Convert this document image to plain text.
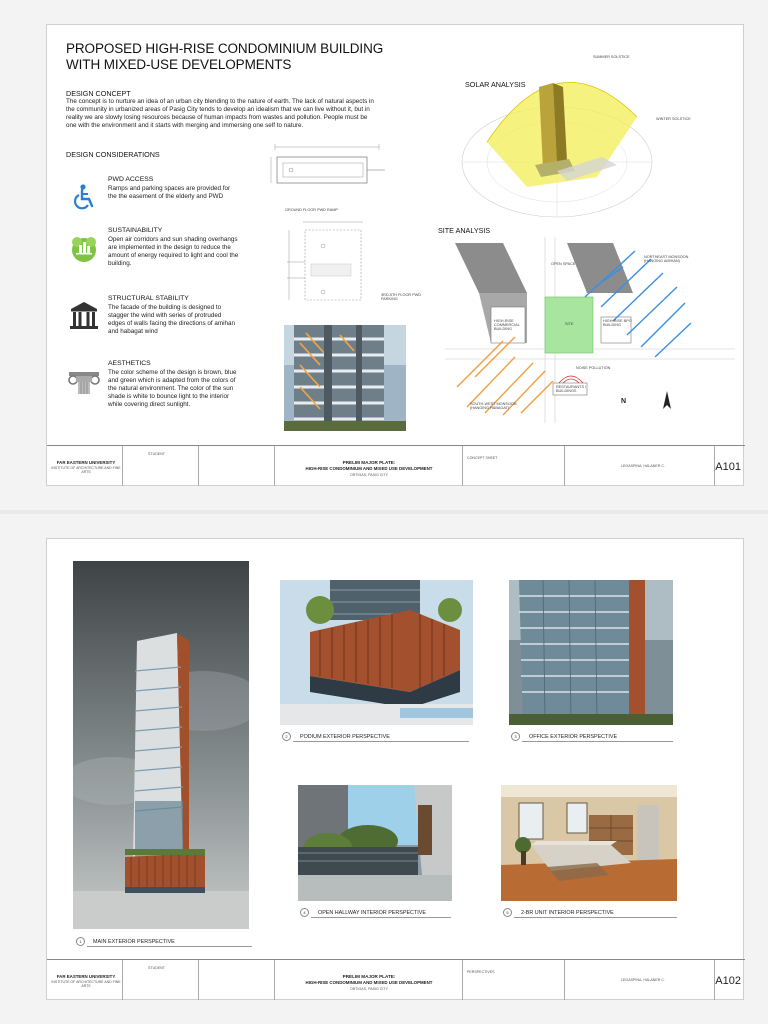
PROPOSED HIGH-RISE CONDOMINIUM BUILDING WITH MIXED-USE DEVELOPMENTS
DESIGN CONCEPT
The concept is to nurture an idea of an urban city blending to the nature of earth. The lack of natural aspects in the community in urbanized areas of Pasig City tends to develop an idealism that we can live without it, but in reality we are slowly losing resources because of human impacts from wastes and pollution. People must be one with the environment and it starts with merging and immersing one self to nature.
DESIGN CONSIDERATIONS
PWD ACCESS
Ramps and parking spaces are provided for the the easement of the elderly and PWD
SUSTAINABILITY
Open air corridors and sun shading overhangs are implemented in the design to reduce the amount of energy required to light and cool the building.
STRUCTURAL STABILITY
The facade of the building is designed to stagger the wind with series of protruded edges of walls facing the directions of amihan and habagat wind
AESTHETICS
The color scheme of the design is brown, blue and green which is adapted from the colors of the natural environment. The color of the sun shade is white to bounce light to the interior while covering direct sunlight.
GROUND FLOOR PWD RAMP
3RD-5TH FLOOR PWD PARKING
SOLAR ANALYSIS
SUMMER SOLSTICE
WINTER SOLSTICE
SITE ANALYSIS
NORTHEAST MONSOON (HANGING AMIHAN)
OPEN SPACE
HIGH-RISE COMMERCIAL BUILDING
SITE
HIGH-RISE BPO BUILDING
NOISE POLLUTION
RESTAURANTS / BUILDINGS
SOUTH-WEST MONSOON (HANGING HABAGAT)
N
FAR EASTERN UNIVERSITY
INSTITUTE OF ARCHITECTURE AND FINE ARTS
STUDENT
PRELIM MAJOR PLATE:
HIGH-RISE CONDOMINIUM AND MIXED USE DEVELOPMENT
ORTIGAS, PASIG CITY
CONCEPT SHEET
LEGASPINA, HALANER C.	A101
1	MAIN EXTERIOR PERSPECTIVE
2	PODIUM EXTERIOR PERSPECTIVE	3	OFFICE EXTERIOR PERSPECTIVE
4	OPEN HALLWAY INTERIOR PERSPECTIVE	5	2-BR UNIT INTERIOR PERSPECTIVE
FAR EASTERN UNIVERSITY
INSTITUTE OF ARCHITECTURE AND FINE ARTS
STUDENT
PRELIM MAJOR PLATE:
HIGH-RISE CONDOMINIUM AND MIXED USE DEVELOPMENT
ORTIGAS, PASIG CITY
PERSPECTIVES
LEGASPINA, HALANER C.	A102
